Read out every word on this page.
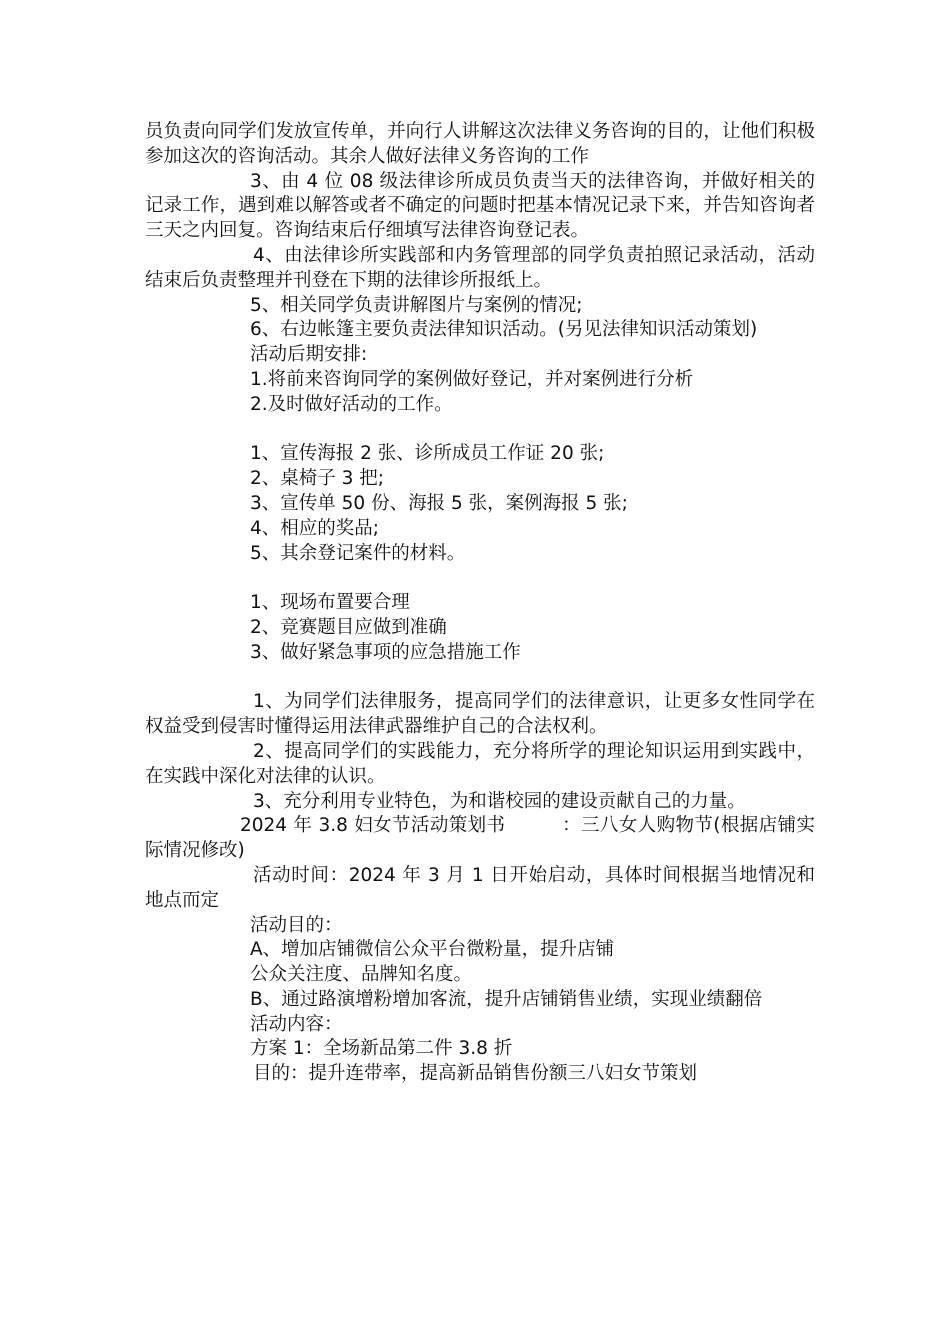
员负责向同学们发放宣传单，并向行人讲解这次法律义务咨询的目的，让他们积极参加这次的咨询活动。其余人做好法律义务咨询的工作

3、由 4 位 08 级法律诊所成员负责当天的法律咨询，并做好相关的记录工作，遇到难以解答或者不确定的问题时把基本情况记录下来，并告知咨询者三天之内回复。咨询结束后仔细填写法律咨询登记表。

4、由法律诊所实践部和内务管理部的同学负责拍照记录活动，活动结束后负责整理并刊登在下期的法律诊所报纸上。

5、相关同学负责讲解图片与案例的情况;

6、右边帐篷主要负责法律知识活动。(另见法律知识活动策划)

活动后期安排:

1.将前来咨询同学的案例做好登记，并对案例进行分析

2.及时做好活动的工作。

1、宣传海报 2 张、诊所成员工作证 20 张;

2、桌椅子 3 把;

3、宣传单 50 份、海报 5 张，案例海报 5 张;

4、相应的奖品;

5、其余登记案件的材料。

1、现场布置要合理

2、竞赛题目应做到准确

3、做好紧急事项的应急措施工作

1、为同学们法律服务，提高同学们的法律意识，让更多女性同学在权益受到侵害时懂得运用法律武器维护自己的合法权利。

2、提高同学们的实践能力，充分将所学的理论知识运用到实践中，在实践中深化对法律的认识。

3、充分利用专业特色，为和谐校园的建设贡献自己的力量。

2024 年 3.8 妇女节活动策划书　　　：三八女人购物节(根据店铺实际情况修改)

活动时间：2024 年 3 月 1 日开始启动，具体时间根据当地情况和地点而定

活动目的：

A、增加店铺微信公众平台微粉量，提升店铺

公众关注度、品牌知名度。

B、通过路演增粉增加客流，提升店铺销售业绩，实现业绩翻倍

活动内容：

方案 1：全场新品第二件 3.8 折

目的：提升连带率，提高新品销售份额三八妇女节策划
